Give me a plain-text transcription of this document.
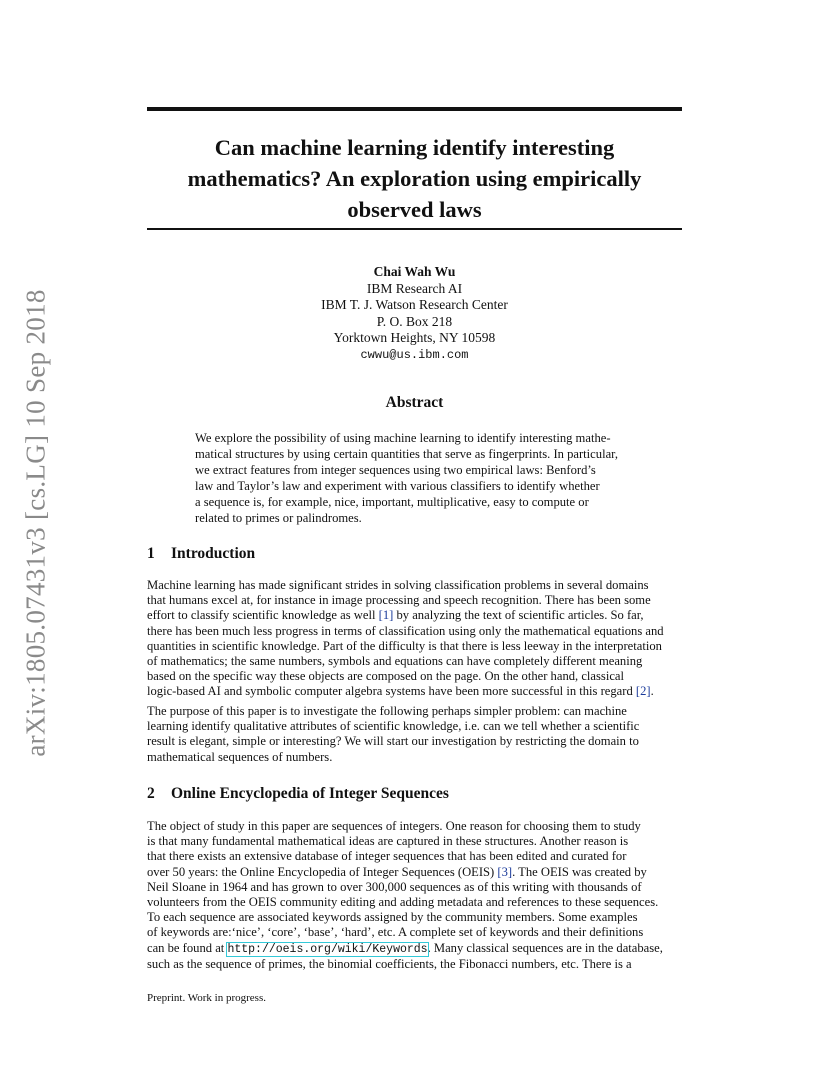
arXiv:1805.07431v3 [cs.LG] 10 Sep 2018
Can machine learning identify interesting
mathematics? An exploration using empirically
observed laws
Chai Wah Wu
IBM Research AI
IBM T. J. Watson Research Center
P. O. Box 218
Yorktown Heights, NY 10598
cwwu@us.ibm.com
Abstract
We explore the possibility of using machine learning to identify interesting mathe-
matical structures by using certain quantities that serve as fingerprints. In particular,
we extract features from integer sequences using two empirical laws: Benford’s
law and Taylor’s law and experiment with various classifiers to identify whether
a sequence is, for example, nice, important, multiplicative, easy to compute or
related to primes or palindromes.
1 Introduction
Machine learning has made significant strides in solving classification problems in several domains
that humans excel at, for instance in image processing and speech recognition. There has been some
effort to classify scientific knowledge as well [1] by analyzing the text of scientific articles. So far,
there has been much less progress in terms of classification using only the mathematical equations and
quantities in scientific knowledge. Part of the difficulty is that there is less leeway in the interpretation
of mathematics; the same numbers, symbols and equations can have completely different meaning
based on the specific way these objects are composed on the page. On the other hand, classical
logic-based AI and symbolic computer algebra systems have been more successful in this regard [2].
The purpose of this paper is to investigate the following perhaps simpler problem: can machine
learning identify qualitative attributes of scientific knowledge, i.e. can we tell whether a scientific
result is elegant, simple or interesting? We will start our investigation by restricting the domain to
mathematical sequences of numbers.
2 Online Encyclopedia of Integer Sequences
The object of study in this paper are sequences of integers. One reason for choosing them to study
is that many fundamental mathematical ideas are captured in these structures. Another reason is
that there exists an extensive database of integer sequences that has been edited and curated for
over 50 years: the Online Encyclopedia of Integer Sequences (OEIS) [3]. The OEIS was created by
Neil Sloane in 1964 and has grown to over 300,000 sequences as of this writing with thousands of
volunteers from the OEIS community editing and adding metadata and references to these sequences.
To each sequence are associated keywords assigned by the community members. Some examples
of keywords are:‘nice’, ‘core’, ‘base’, ‘hard’, etc. A complete set of keywords and their definitions
can be found at http://oeis.org/wiki/Keywords. Many classical sequences are in the database,
such as the sequence of primes, the binomial coefficients, the Fibonacci numbers, etc. There is a
Preprint. Work in progress.
